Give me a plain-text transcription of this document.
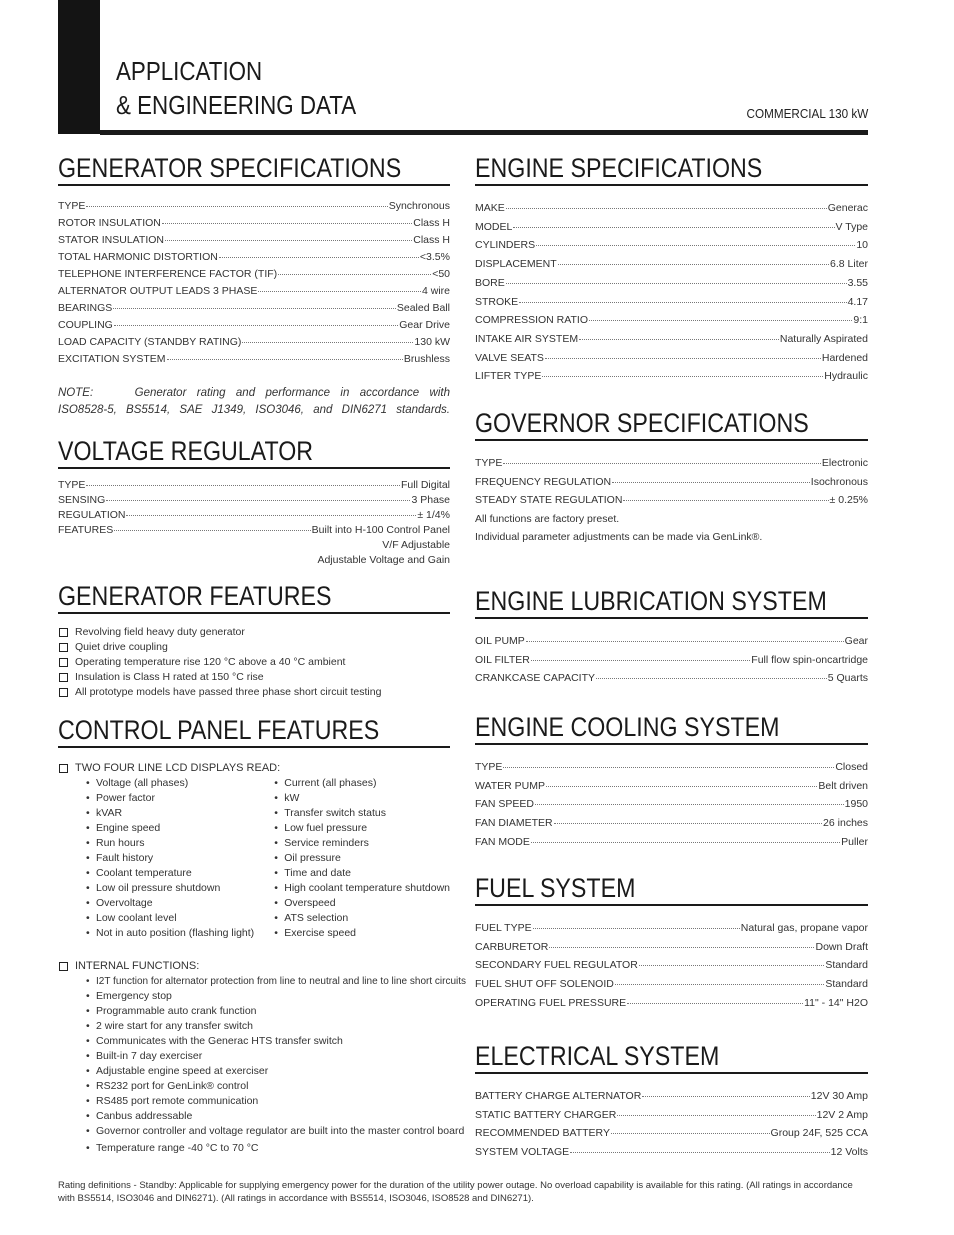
APPLICATION
& ENGINEERING DATA	COMMERCIAL 130 kW
GENERATOR SPECIFICATIONS
TYPE	Synchronous
ROTOR INSULATION	Class H
STATOR INSULATION	Class H
TOTAL HARMONIC DISTORTION	<3.5%
TELEPHONE INTERFERENCE FACTOR (TIF)	<50
ALTERNATOR OUTPUT LEADS 3 PHASE	4 wire
BEARINGS	Sealed Ball
COUPLING	Gear Drive
LOAD CAPACITY (STANDBY RATING)	130 kW
EXCITATION SYSTEM	Brushless
NOTE:        Generator  rating  and  performance  in  accordance  with
ISO8528-5,  BS5514,  SAE  J1349,  ISO3046,  and  DIN6271  standards.
VOLTAGE REGULATOR
TYPE	Full Digital
SENSING	3 Phase
REGULATION	± 1/4%
FEATURES	Built into H-100 Control Panel
V/F Adjustable
Adjustable Voltage and Gain
GENERATOR FEATURES
Revolving field heavy duty generator
Quiet drive coupling
Operating temperature rise 120 °C above a 40 °C ambient
Insulation is Class H rated at 150 °C rise
All prototype models have passed three phase short circuit testing
CONTROL PANEL FEATURES
TWO FOUR LINE LCD DISPLAYS READ:
• Voltage (all phases)
• Power factor
• kVAR
• Engine speed
• Run hours
• Fault history
• Coolant temperature
• Low oil pressure shutdown
• Overvoltage
• Low coolant level
• Not in auto position (flashing light)
• Current (all phases)
• kW
• Transfer switch status
• Low fuel pressure
• Service reminders
• Oil pressure
• Time and date
• High coolant temperature shutdown
• Overspeed
• ATS selection
• Exercise speed
INTERNAL FUNCTIONS:
• I2T function for alternator protection from line to neutral and line to line short circuits
• Emergency stop
• Programmable auto crank function
• 2 wire start for any transfer switch
• Communicates with the Generac HTS transfer switch
• Built-in 7 day exerciser
• Adjustable engine speed at exerciser
• RS232 port for GenLink® control
• RS485 port remote communication
• Canbus addressable
• Governor controller and voltage regulator are built into the master control board
• Temperature range -40 °C to 70 °C
ENGINE SPECIFICATIONS
MAKE	Generac
MODEL	V Type
CYLINDERS	10
DISPLACEMENT	6.8 Liter
BORE	3.55
STROKE	4.17
COMPRESSION RATIO	9:1
INTAKE AIR SYSTEM	Naturally Aspirated
VALVE SEATS	Hardened
LIFTER TYPE	Hydraulic
GOVERNOR SPECIFICATIONS
TYPE	Electronic
FREQUENCY REGULATION	Isochronous
STEADY STATE REGULATION	± 0.25%
All functions are factory preset.
Individual parameter adjustments can be made via GenLink®.
ENGINE LUBRICATION SYSTEM
OIL PUMP	Gear
OIL FILTER	Full flow spin-oncartridge
CRANKCASE CAPACITY	5 Quarts
ENGINE COOLING SYSTEM
TYPE	Closed
WATER PUMP	Belt driven
FAN SPEED	1950
FAN DIAMETER	26 inches
FAN MODE	Puller
FUEL SYSTEM
FUEL TYPE	Natural gas, propane vapor
CARBURETOR	Down Draft
SECONDARY FUEL REGULATOR	Standard
FUEL SHUT OFF SOLENOID	Standard
OPERATING FUEL PRESSURE	11" - 14" H2O
ELECTRICAL SYSTEM
BATTERY CHARGE ALTERNATOR	12V 30 Amp
STATIC BATTERY CHARGER	12V 2 Amp
RECOMMENDED BATTERY	Group 24F, 525 CCA
SYSTEM VOLTAGE	12 Volts
Rating definitions - Standby: Applicable for supplying emergency power for the duration of the utility power outage. No overload capability is available for this rating. (All ratings in accordance with BS5514, ISO3046 and DIN6271). (All ratings in accordance with BS5514, ISO3046, ISO8528 and DIN6271).
